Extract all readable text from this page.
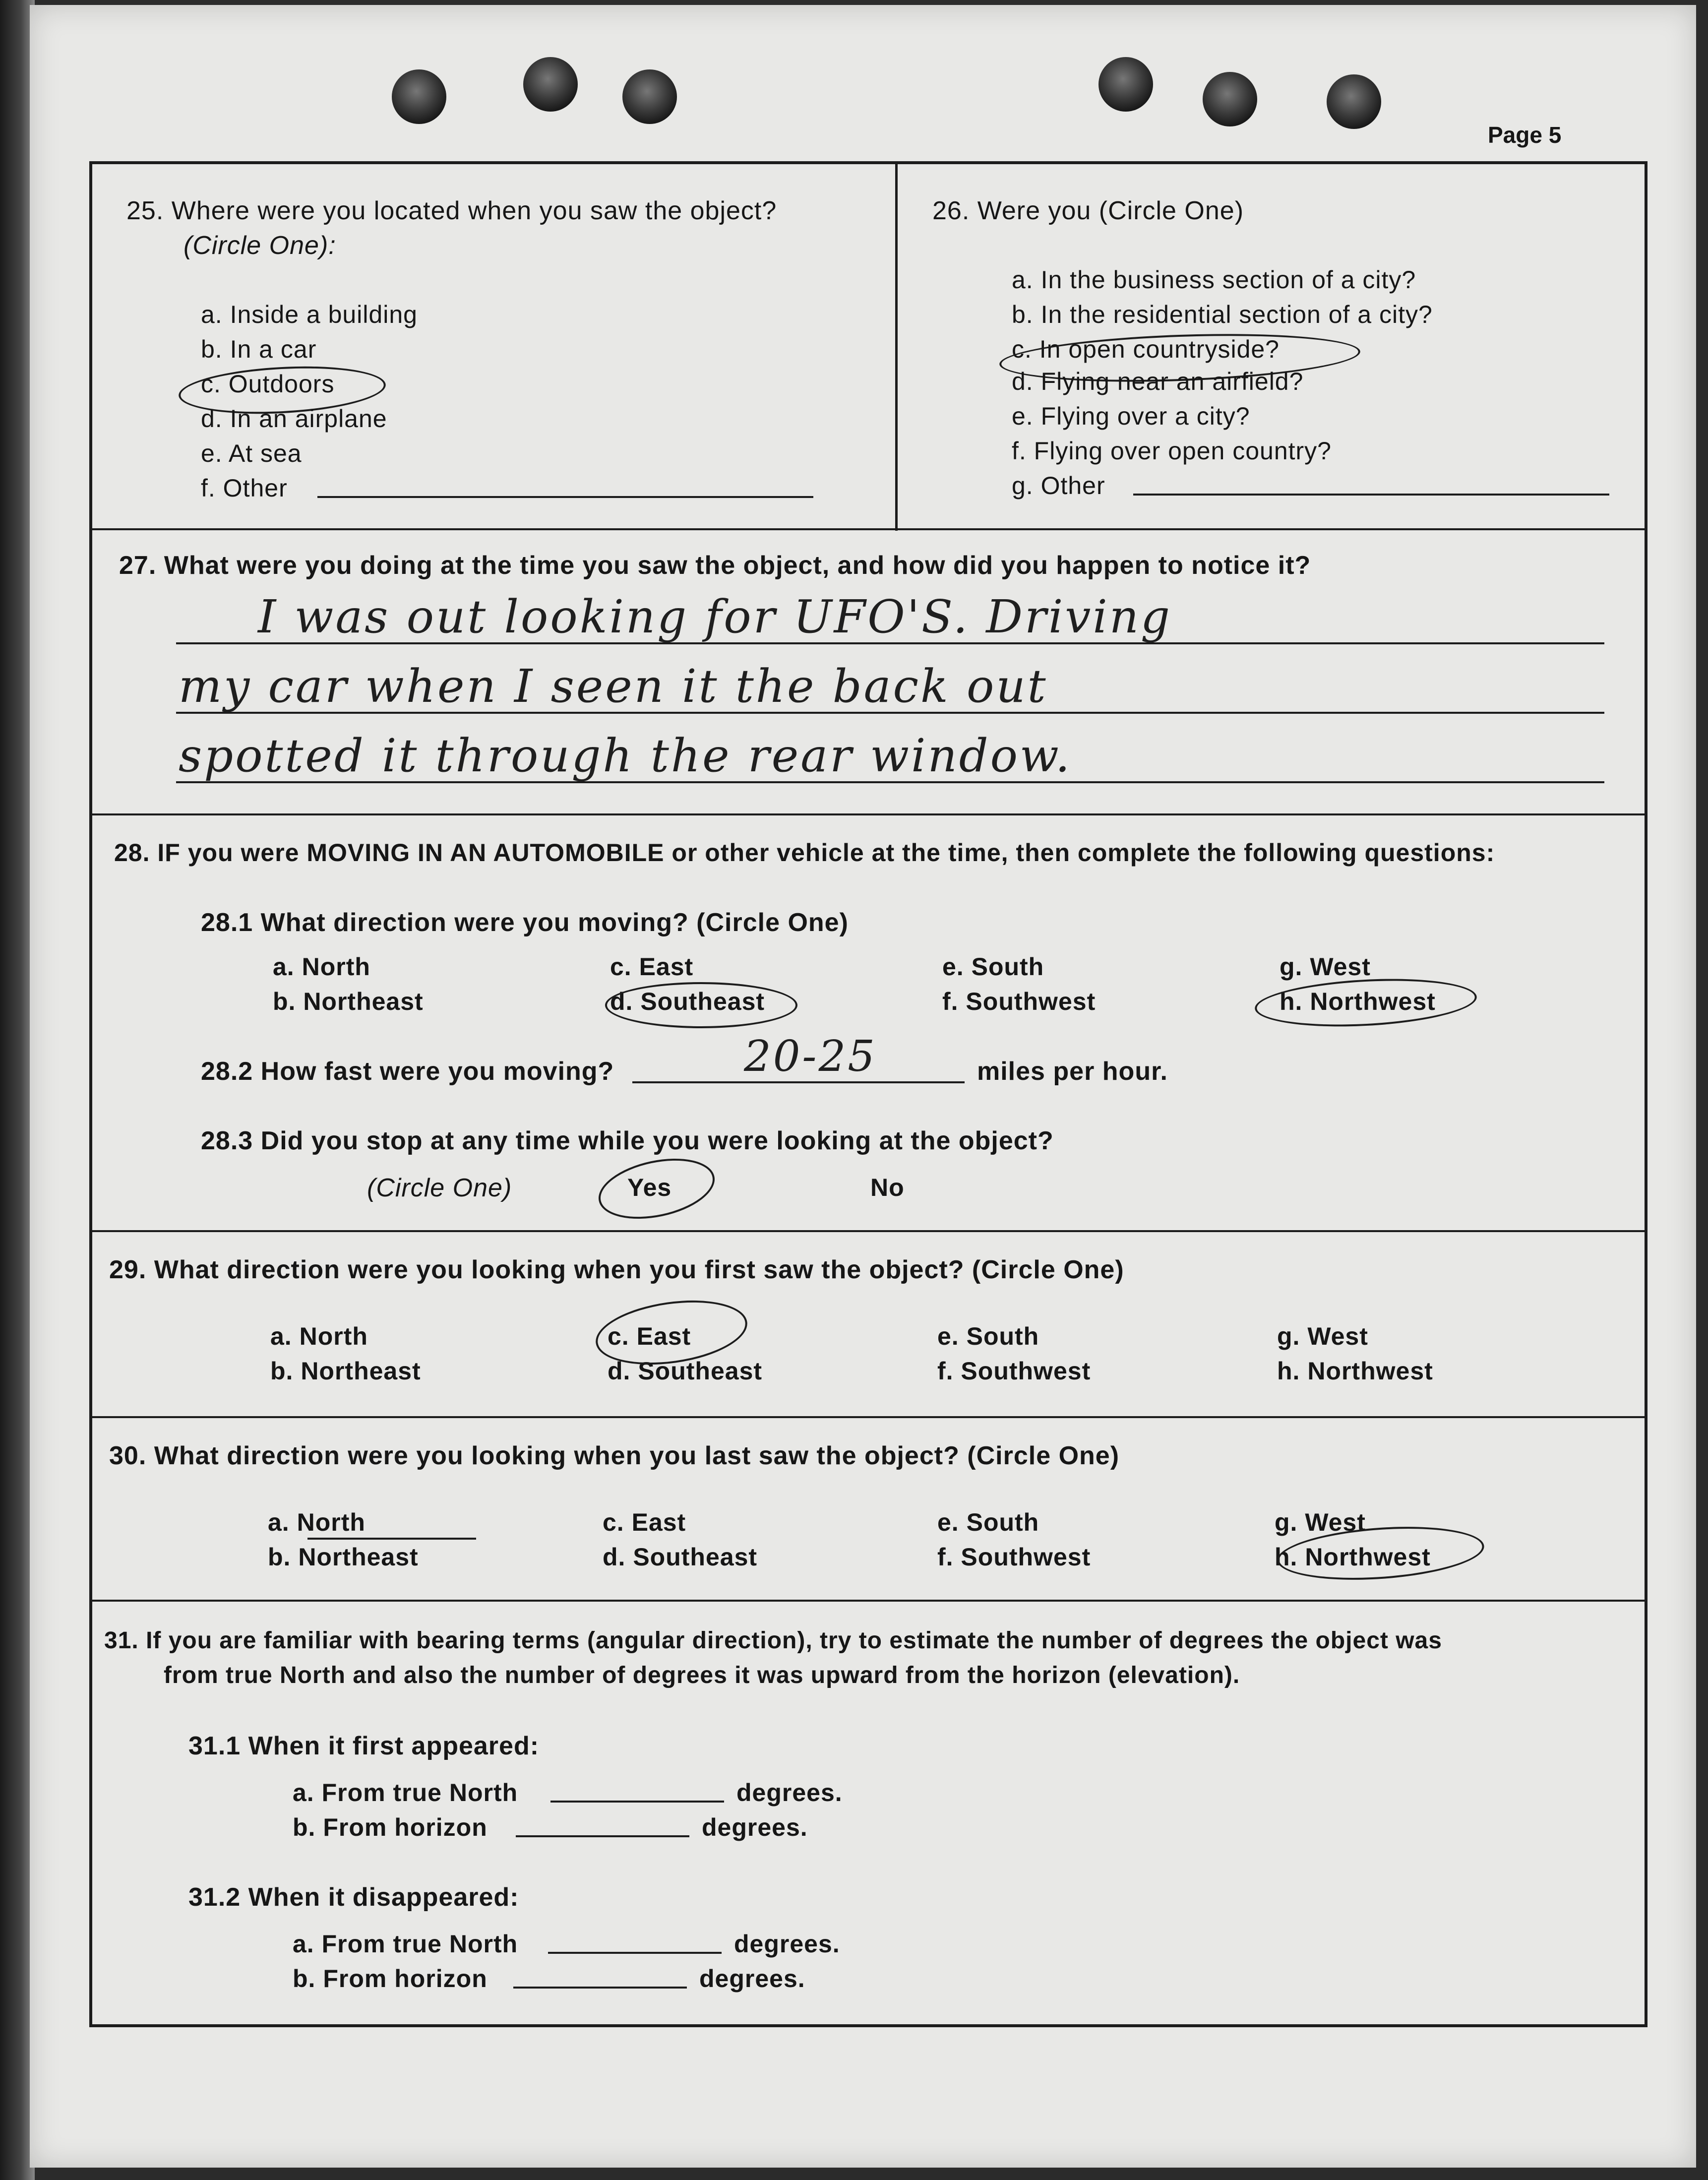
Page 5
25. Where were you located when you saw the object?
(Circle One):
a. Inside a building
b. In a car
c. Outdoors
d. In an airplane
e. At sea
f. Other
26. Were you (Circle One)
a. In the business section of a city?
b. In the residential section of a city?
c. In open countryside?
d. Flying near an airfield?
e. Flying over a city?
f. Flying over open country?
g. Other
27. What were you doing at the time you saw the object, and how did you happen to notice it?
I was out looking for UFO'S. Driving
my car when I seen it the back out
spotted it through the rear window.
28. IF you were MOVING IN AN AUTOMOBILE or other vehicle at the time, then complete the following questions:
28.1 What direction were you moving? (Circle One)
a. North	c. East	e. South	g. West
b. Northeast	d. Southeast	f. Southwest	h. Northwest
28.2 How fast were you moving?	20-25	miles per hour.
28.3 Did you stop at any time while you were looking at the object?
(Circle One)	Yes	No
29. What direction were you looking when you first saw the object? (Circle One)
a. North	c. East	e. South	g. West
b. Northeast	d. Southeast	f. Southwest	h. Northwest
30. What direction were you looking when you last saw the object? (Circle One)
a. North	c. East	e. South	g. West
b. Northeast	d. Southeast	f. Southwest	h. Northwest
31. If you are familiar with bearing terms (angular direction), try to estimate the number of degrees the object was
from true North and also the number of degrees it was upward from the horizon (elevation).
31.1 When it first appeared:
a. From true North	degrees.
b. From horizon	degrees.
31.2 When it disappeared:
a. From true North	degrees.
b. From horizon	degrees.
